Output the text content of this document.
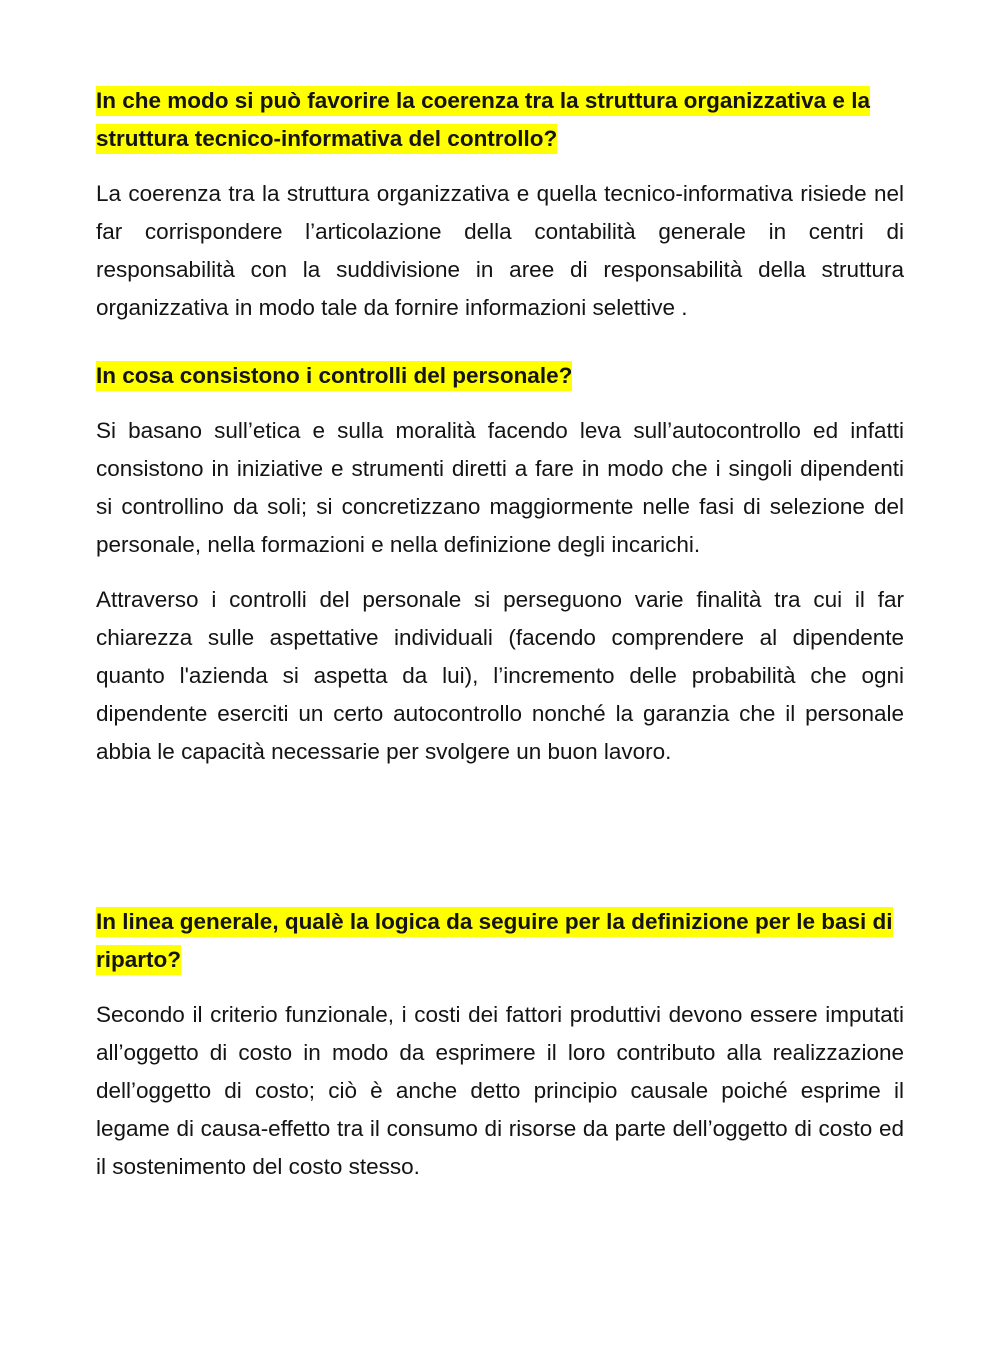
In che modo si può favorire la coerenza tra la struttura organizzativa e la struttura tecnico-informativa del controllo?

La coerenza tra la struttura organizzativa e quella tecnico-informativa risiede nel far corrispondere l’articolazione della contabilità generale in centri di responsabilità con la suddivisione in aree di responsabilità della struttura organizzativa in modo tale da fornire informazioni selettive .

In cosa consistono i controlli del personale?

Si basano sull’etica e sulla moralità facendo leva sull’autocontrollo ed infatti consistono in iniziative e strumenti diretti a fare in modo che i singoli dipendenti si controllino da soli; si concretizzano maggiormente nelle fasi di selezione del personale, nella formazioni e nella definizione degli incarichi.

Attraverso i controlli del personale si perseguono varie finalità tra cui il far chiarezza sulle aspettative individuali (facendo comprendere al dipendente quanto l'azienda si aspetta da lui), l’incremento delle probabilità che ogni dipendente eserciti un certo autocontrollo nonché la garanzia che il personale abbia le capacità necessarie per svolgere un buon lavoro.

In linea generale, qualè la logica da seguire per la definizione per le basi di riparto?

Secondo il criterio funzionale, i costi dei fattori produttivi devono essere imputati all’oggetto di costo in modo da esprimere il loro contributo alla realizzazione dell’oggetto di costo; ciò è anche detto principio causale poiché esprime il legame di causa-effetto tra il consumo di risorse da parte dell’oggetto di costo ed il sostenimento del costo stesso.
